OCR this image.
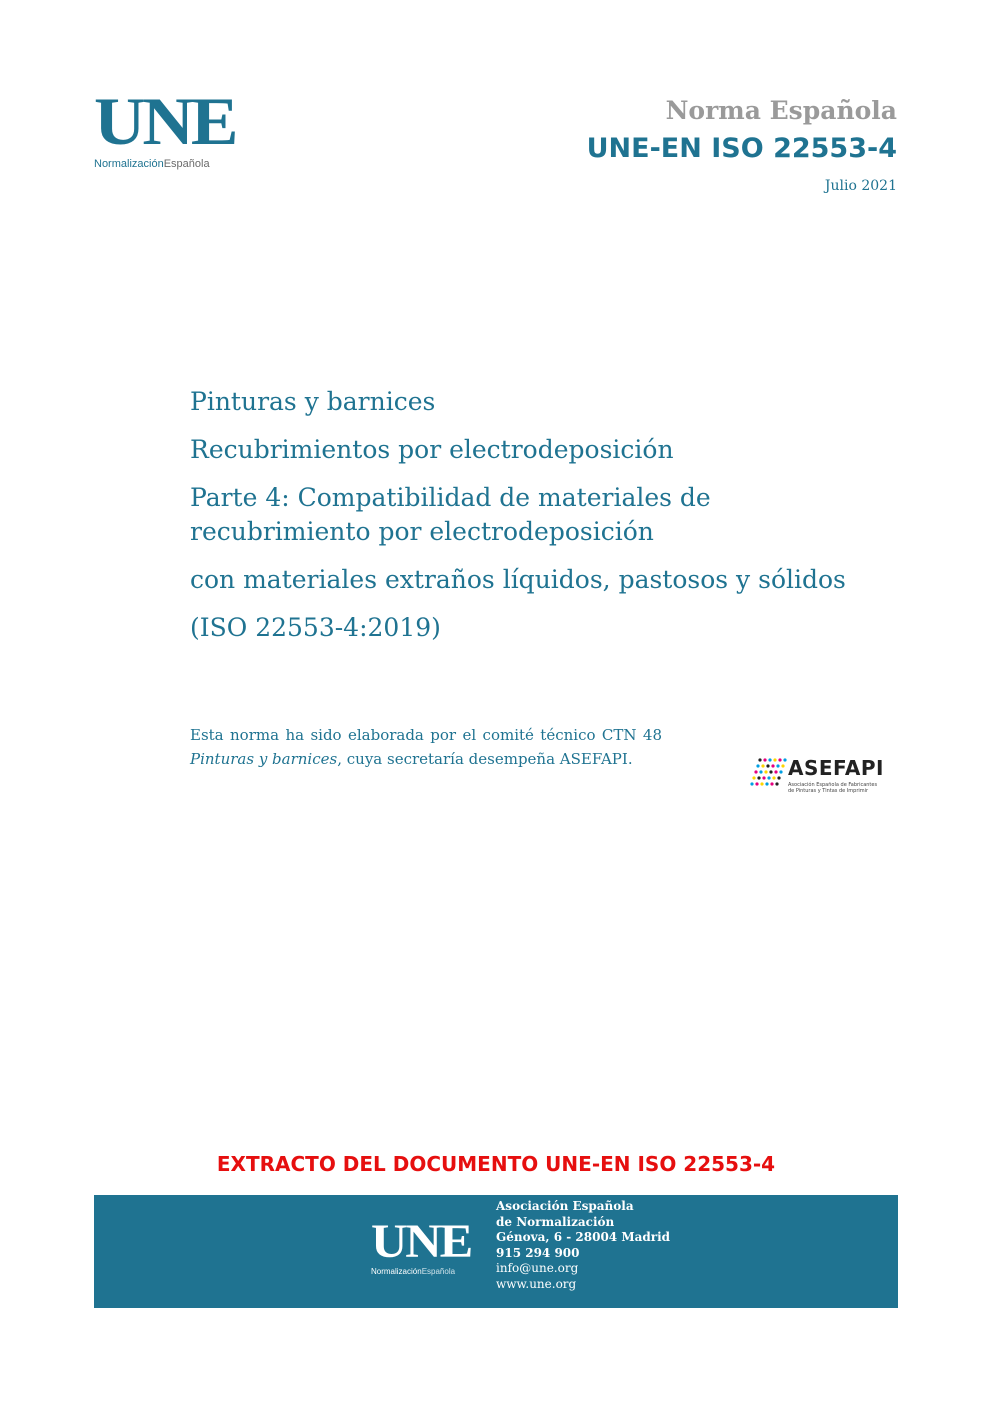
UNE
NormalizaciónEspañola
Norma Española
UNE-EN ISO 22553-4
Julio 2021
Pinturas y barnices
Recubrimientos por electrodeposición
Parte 4: Compatibilidad de materiales de
recubrimiento por electrodeposición
con materiales extraños líquidos, pastosos y sólidos
(ISO 22553-4:2019)
Esta norma ha sido elaborada por el comité técnico CTN 48 Pinturas y barnices, cuya secretaría desempeña ASEFAPI.	ASEFAPI
Asociación Española de Fabricantes de Pinturas y Tintas de Imprimir
EXTRACTO DEL DOCUMENTO UNE-EN ISO 22553-4
UNE
NormalizaciónEspañola
Asociación Española
de Normalización
Génova, 6 - 28004 Madrid
915 294 900
info@une.org
www.une.org
